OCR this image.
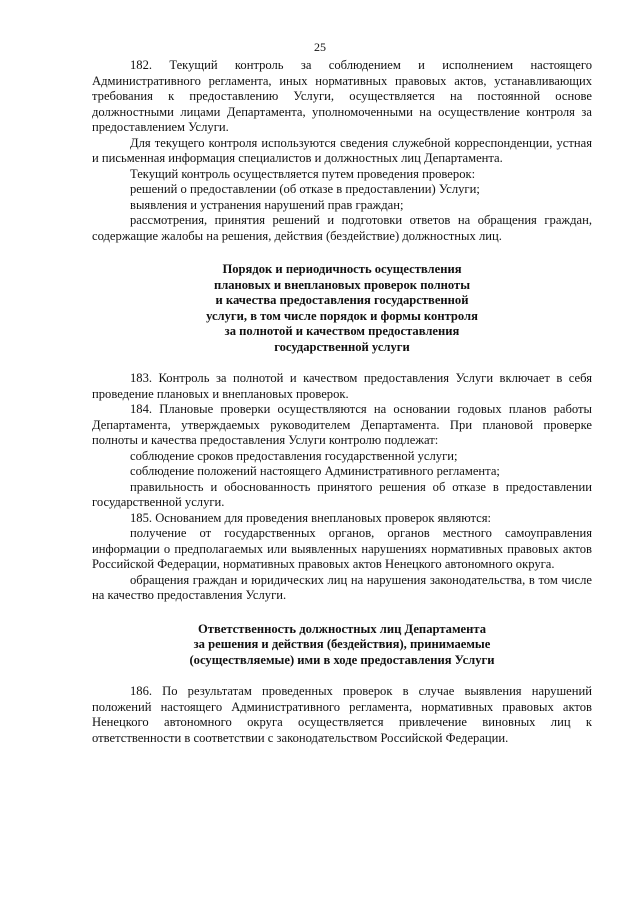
25

182. Текущий контроль за соблюдением и исполнением настоящего Административного регламента, иных нормативных правовых актов, устанавливающих требования к предоставлению Услуги, осуществляется на постоянной основе должностными лицами Департамента, уполномоченными на осуществление контроля за предоставлением Услуги.

Для текущего контроля используются сведения служебной корреспонденции, устная и письменная информация специалистов и должностных лиц Департамента.

Текущий контроль осуществляется путем проведения проверок:

решений о предоставлении (об отказе в предоставлении) Услуги;

выявления и устранения нарушений прав граждан;

рассмотрения, принятия решений и подготовки ответов на обращения граждан, содержащие жалобы на решения, действия (бездействие) должностных лиц.

Порядок и периодичность осуществления
плановых и внеплановых проверок полноты
и качества предоставления государственной
услуги, в том числе порядок и формы контроля
за полнотой и качеством предоставления
государственной услуги

183. Контроль за полнотой и качеством предоставления Услуги включает в себя проведение плановых и внеплановых проверок.

184. Плановые проверки осуществляются на основании годовых планов работы Департамента, утверждаемых руководителем Департамента. При плановой проверке полноты и качества предоставления Услуги контролю подлежат:

соблюдение сроков предоставления государственной услуги;

соблюдение положений настоящего Административного регламента;

правильность и обоснованность принятого решения об отказе в предоставлении государственной услуги.

185. Основанием для проведения внеплановых проверок являются:

получение от государственных органов, органов местного самоуправления информации о предполагаемых или выявленных нарушениях нормативных правовых актов Российской Федерации, нормативных правовых актов Ненецкого автономного округа.

обращения граждан и юридических лиц на нарушения законодательства, в том числе на качество предоставления Услуги.

Ответственность должностных лиц Департамента
за решения и действия (бездействия), принимаемые
(осуществляемые) ими в ходе предоставления Услуги

186. По результатам проведенных проверок в случае выявления нарушений положений настоящего Административного регламента, нормативных правовых актов Ненецкого автономного округа осуществляется привлечение виновных лиц к ответственности в соответствии с законодательством Российской Федерации.
